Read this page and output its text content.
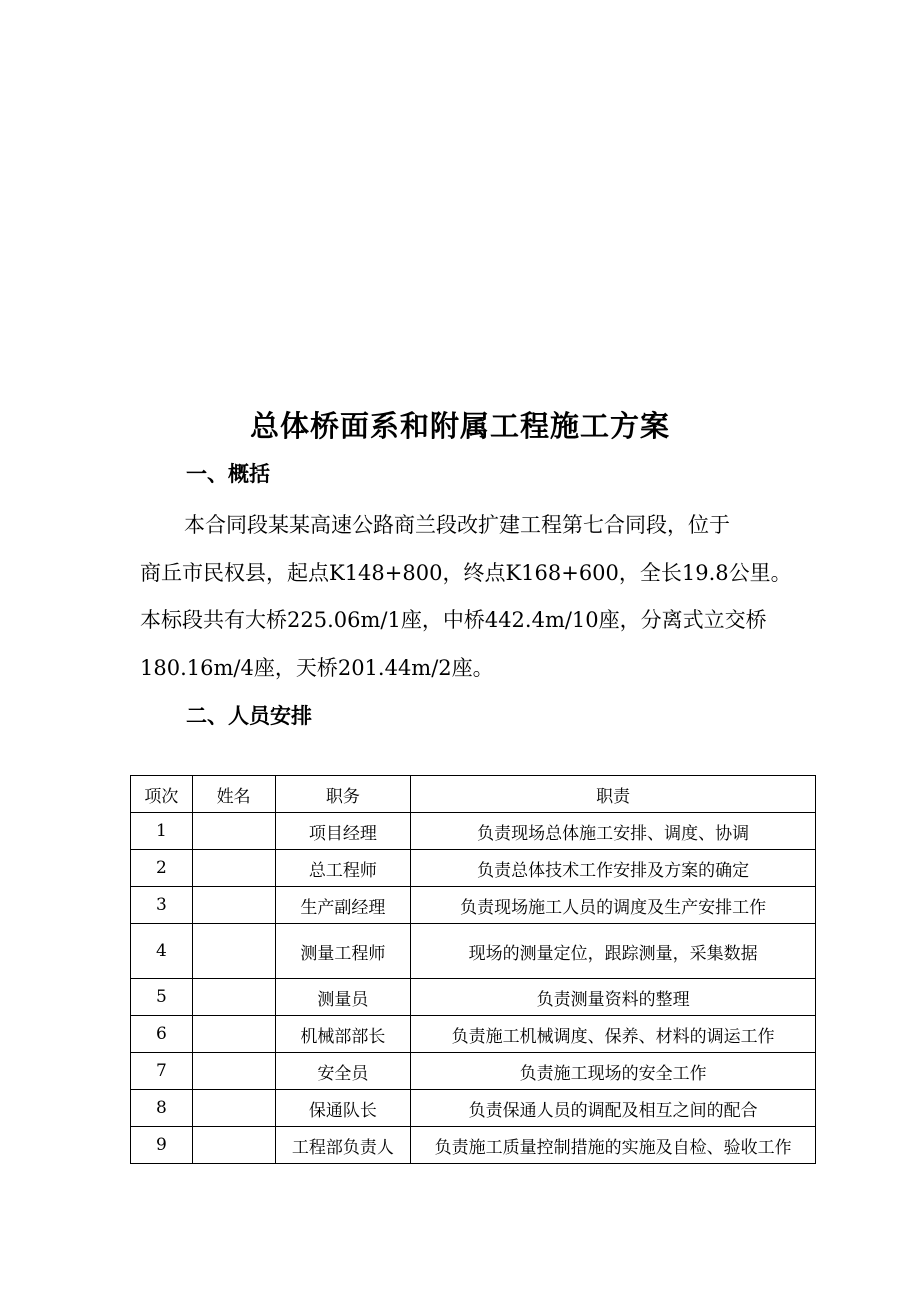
总体桥面系和附属工程施工方案
一、概括
本合同段某某高速公路商兰段改扩建工程第七合同段，位于
商丘市民权县，起点K148+800，终点K168+600，全长19.8公里。
本标段共有大桥225.06m/1座，中桥442.4m/10座，分离式立交桥
180.16m/4座，天桥201.44m/2座。
二、人员安排
项次	姓名	职务	职责
1		项目经理	负责现场总体施工安排、调度、协调
2		总工程师	负责总体技术工作安排及方案的确定
3		生产副经理	负责现场施工人员的调度及生产安排工作
4		测量工程师	现场的测量定位，跟踪测量，采集数据
5		测量员	负责测量资料的整理
6		机械部部长	负责施工机械调度、保养、材料的调运工作
7		安全员	负责施工现场的安全工作
8		保通队长	负责保通人员的调配及相互之间的配合
9		工程部负责人	负责施工质量控制措施的实施及自检、验收工作
